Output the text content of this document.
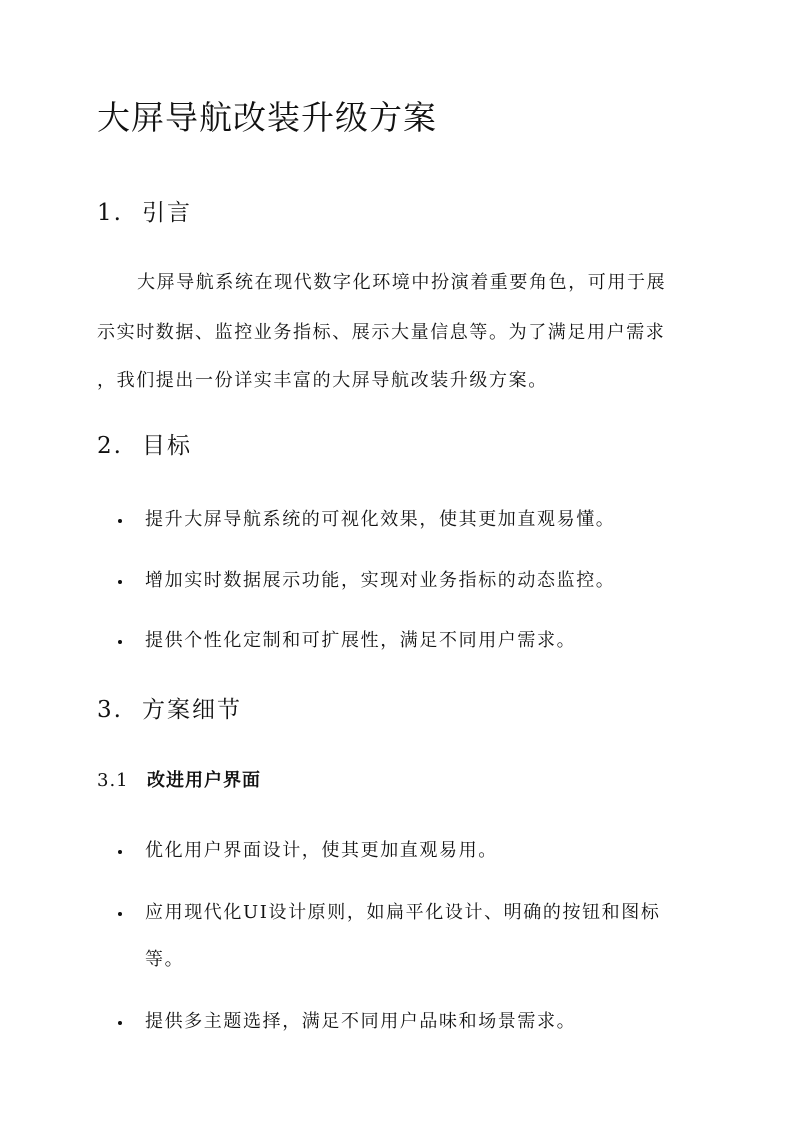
大屏导航改装升级方案
1. 引言
大屏导航系统在现代数字化环境中扮演着重要角色，可用于展
示实时数据、监控业务指标、展示大量信息等。为了满足用户需求
，我们提出一份详实丰富的大屏导航改装升级方案。
2. 目标
提升大屏导航系统的可视化效果，使其更加直观易懂。
增加实时数据展示功能，实现对业务指标的动态监控。
提供个性化定制和可扩展性，满足不同用户需求。
3. 方案细节
3.1 改进用户界面
优化用户界面设计，使其更加直观易用。
应用现代化UI设计原则，如扁平化设计、明确的按钮和图标
等。
提供多主题选择，满足不同用户品味和场景需求。
